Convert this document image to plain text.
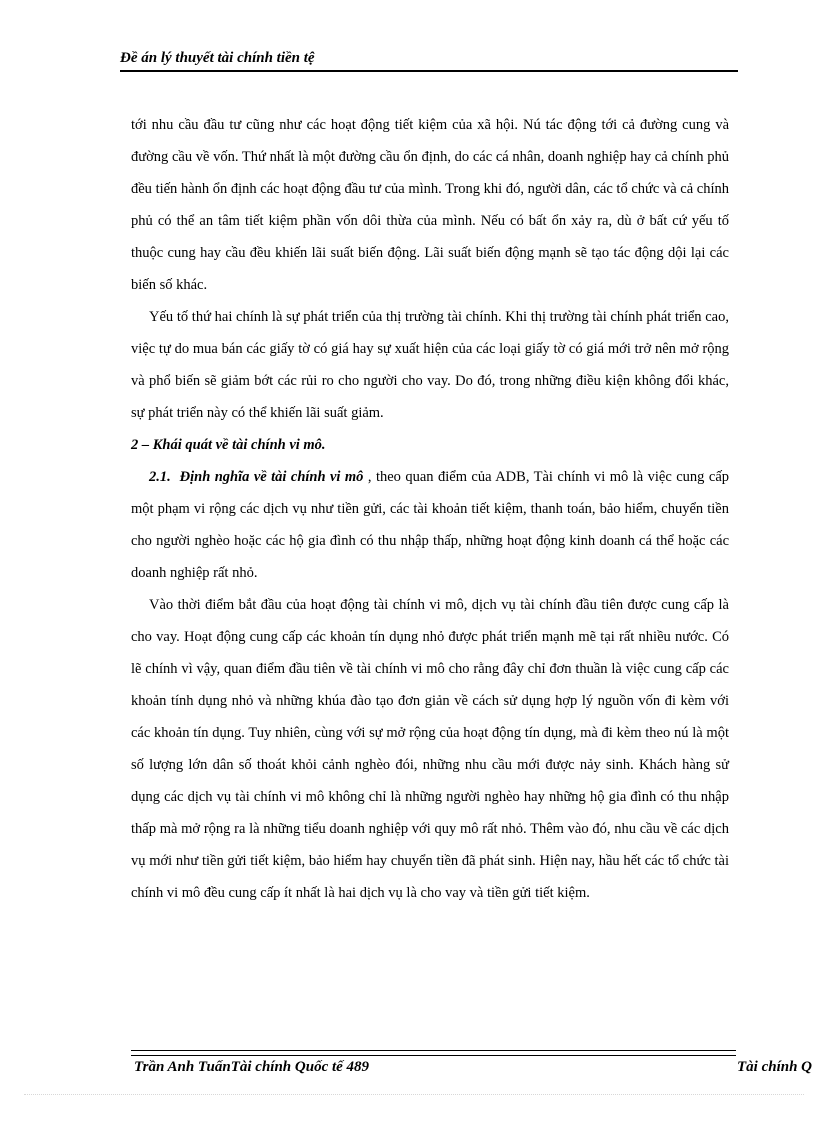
Đề án lý thuyết tài chính tiền tệ

tới nhu cầu đầu tư cũng như các hoạt động tiết kiệm của xã hội. Nú tác động tới cả đường cung và đường cầu về vốn. Thứ nhất là một đường cầu ổn định, do các cá nhân, doanh nghiệp hay cả chính phủ đều tiến hành ổn định các hoạt động đầu tư của mình. Trong khi đó, người dân, các tổ chức và cả chính phủ có thể an tâm tiết kiệm phần vốn dôi thừa của mình. Nếu có bất ổn xảy ra, dù ở bất cứ yếu tố thuộc cung hay cầu đều khiến lãi suất biến động. Lãi suất biến động mạnh sẽ tạo tác động dội lại các biến số khác.

Yếu tố thứ hai chính là sự phát triển của thị trường tài chính. Khi thị trường tài chính phát triển cao, việc tự do mua bán các giấy tờ có giá hay sự xuất hiện của các loại giấy tờ có giá mới trở nên mở rộng và phổ biến sẽ giảm bớt các rủi ro cho người cho vay. Do đó, trong những điều kiện không đổi khác, sự phát triển này có thể khiến lãi suất giảm.

2 – Khái quát về tài chính vi mô.

2.1. Định nghĩa về tài chính vi mô , theo quan điểm của ADB, Tài chính vi mô là việc cung cấp một phạm vi rộng các dịch vụ như tiền gửi, các tài khoản tiết kiệm, thanh toán, bảo hiểm, chuyển tiền cho người nghèo hoặc các hộ gia đình có thu nhập thấp, những hoạt động kinh doanh cá thể hoặc các doanh nghiệp rất nhỏ.

Vào thời điểm bắt đầu của hoạt động tài chính vi mô, dịch vụ tài chính đầu tiên được cung cấp là cho vay. Hoạt động cung cấp các khoản tín dụng nhỏ được phát triển mạnh mẽ tại rất nhiều nước. Có lẽ chính vì vậy, quan điểm đầu tiên về tài chính vi mô cho rằng đây chỉ đơn thuần là việc cung cấp các khoản tính dụng nhỏ và những khúa đào tạo đơn giản về cách sử dụng hợp lý nguồn vốn đi kèm với các khoản tín dụng. Tuy nhiên, cùng với sự mở rộng của hoạt động tín dụng, mà đi kèm theo nú là một số lượng lớn dân số thoát khỏi cảnh nghèo đói, những nhu cầu mới được nảy sinh. Khách hàng sử dụng các dịch vụ tài chính vi mô không chỉ là những người nghèo hay những hộ gia đình có thu nhập thấp mà mở rộng ra là những tiểu doanh nghiệp với quy mô rất nhỏ. Thêm vào đó, nhu cầu về các dịch vụ mới như tiền gửi tiết kiệm, bảo hiểm hay chuyển tiền đã phát sinh. Hiện nay, hầu hết các tổ chức tài chính vi mô đều cung cấp ít nhất là hai dịch vụ là cho vay và tiền gửi tiết kiệm.

Trần Anh TuấnTài chính Quốc tế 489	Tài chính Q
